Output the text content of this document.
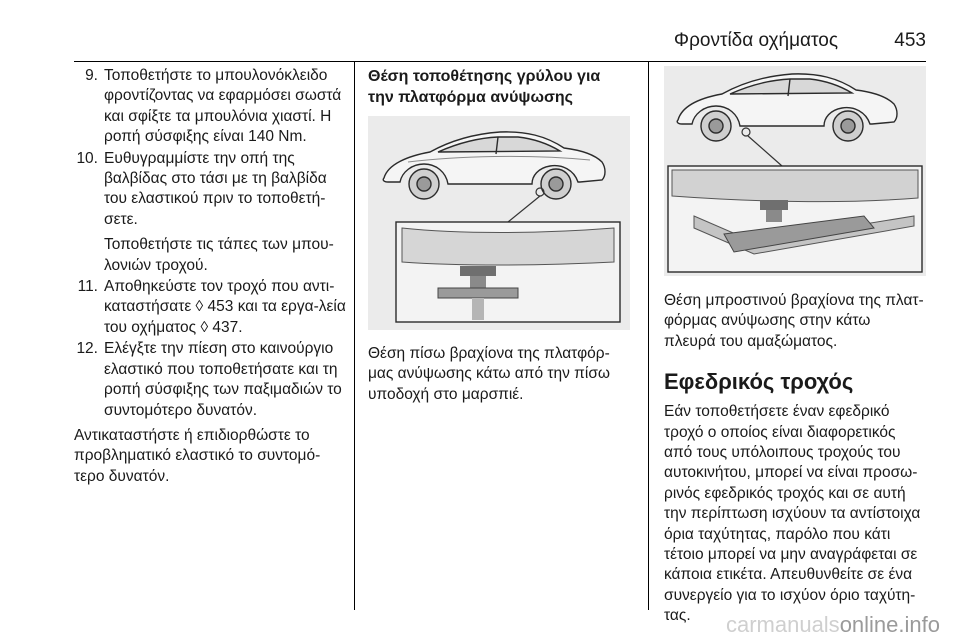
Φροντίδα οχήματος	453
9. Τοποθετήστε το μπουλονόκλειδο φροντίζοντας να εφαρμόσει σωστά και σφίξτε τα μπουλόνια χιαστί. Η ροπή σύσφιξης είναι 140 Nm.

10. Ευθυγραμμίστε την οπή της βαλβίδας στο τάσι με τη βαλβίδα του ελαστικού πριν το τοποθετή‐σετε.

Τοποθετήστε τις τάπες των μπου‐λονιών τροχού.

11. Αποθηκεύστε τον τροχό που αντι‐καταστήσατε ◊ 453 και τα εργα‐λεία του οχήματος ◊ 437.

12. Ελέγξτε την πίεση στο καινούργιο ελαστικό που τοποθετήσατε και τη ροπή σύσφιξης των παξιμαδιών το συντομότερο δυνατόν.

Αντικαταστήστε ή επιδιορθώστε το προβληματικό ελαστικό το συντομό‐τερο δυνατόν.

Θέση τοποθέτησης γρύλου για την πλατφόρμα ανύψωσης

Θέση πίσω βραχίονα της πλατφόρ‐μας ανύψωσης κάτω από την πίσω υποδοχή στο μαρσπιέ.

Θέση μπροστινού βραχίονα της πλατ‐φόρμας ανύψωσης στην κάτω πλευρά του αμαξώματος.

Εφεδρικός τροχός

Εάν τοποθετήσετε έναν εφεδρικό τροχό ο οποίος είναι διαφορετικός από τους υπόλοιπους τροχούς του αυτοκινήτου, μπορεί να είναι προσω‐ρινός εφεδρικός τροχός και σε αυτή την περίπτωση ισχύουν τα αντίστοιχα όρια ταχύτητας, παρόλο που κάτι τέτοιο μπορεί να μην αναγράφεται σε κάποια ετικέτα. Απευθυνθείτε σε ένα συνεργείο για το ισχύον όριο ταχύτη‐τας.	carmanualsonline.info
